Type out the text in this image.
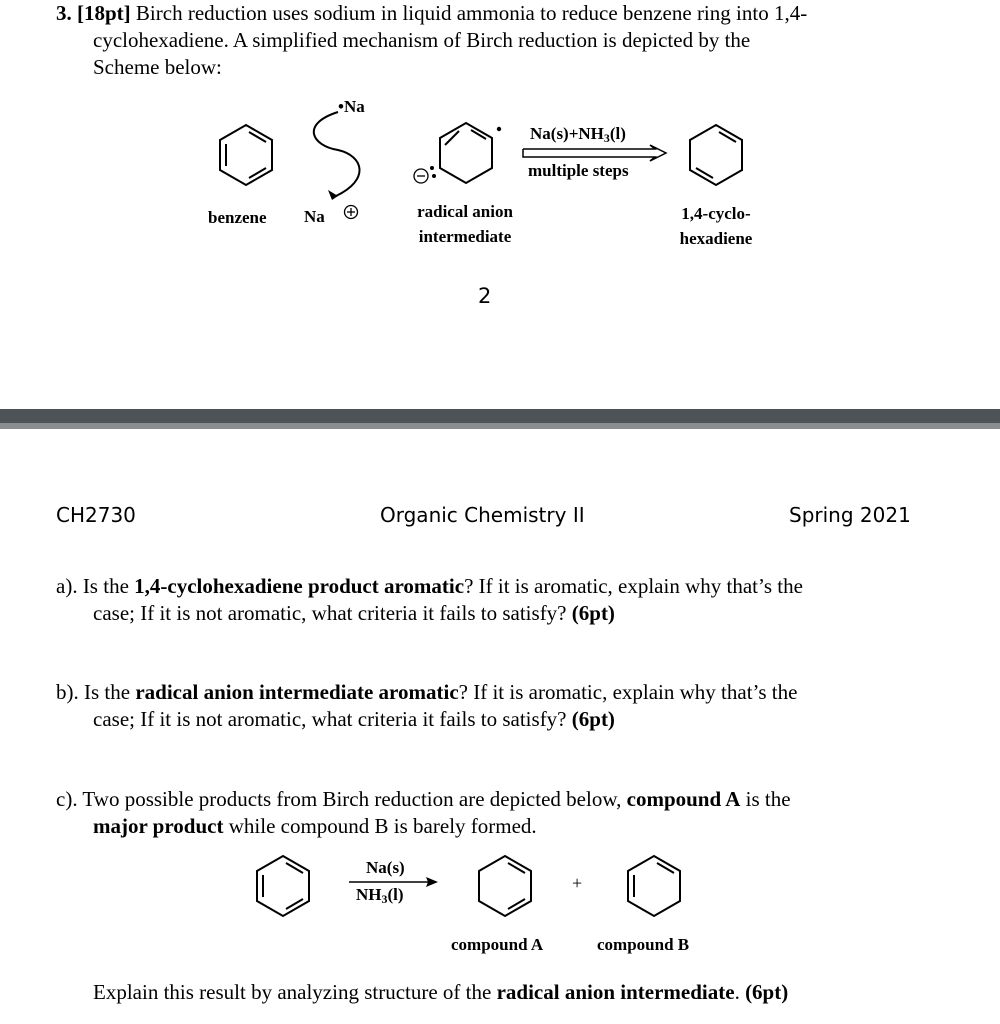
3. [18pt] Birch reduction uses sodium in liquid ammonia to reduce benzene ring into 1,4-
cyclohexadiene. A simplified mechanism of Birch reduction is depicted by the
Scheme below:
•Na
Na
$Na(s)+NH_3(l)$
multiple steps
benzene	radical anion
intermediate
1,4-cyclo-
hexadiene
2
CH2730	Organic Chemistry II	Spring 2021
a). Is the 1,4-cyclohexadiene product aromatic? If it is aromatic, explain why that’s the
case; If it is not aromatic, what criteria it fails to satisfy? (6pt)
b). Is the radical anion intermediate aromatic? If it is aromatic, explain why that’s the
case; If it is not aromatic, what criteria it fails to satisfy? (6pt)
c). Two possible products from Birch reduction are depicted below, compound A is the
major product while compound B is barely formed.
Na(s)
$NH_3(l)$
+
compound A	compound B
Explain this result by analyzing structure of the radical anion intermediate. (6pt)
